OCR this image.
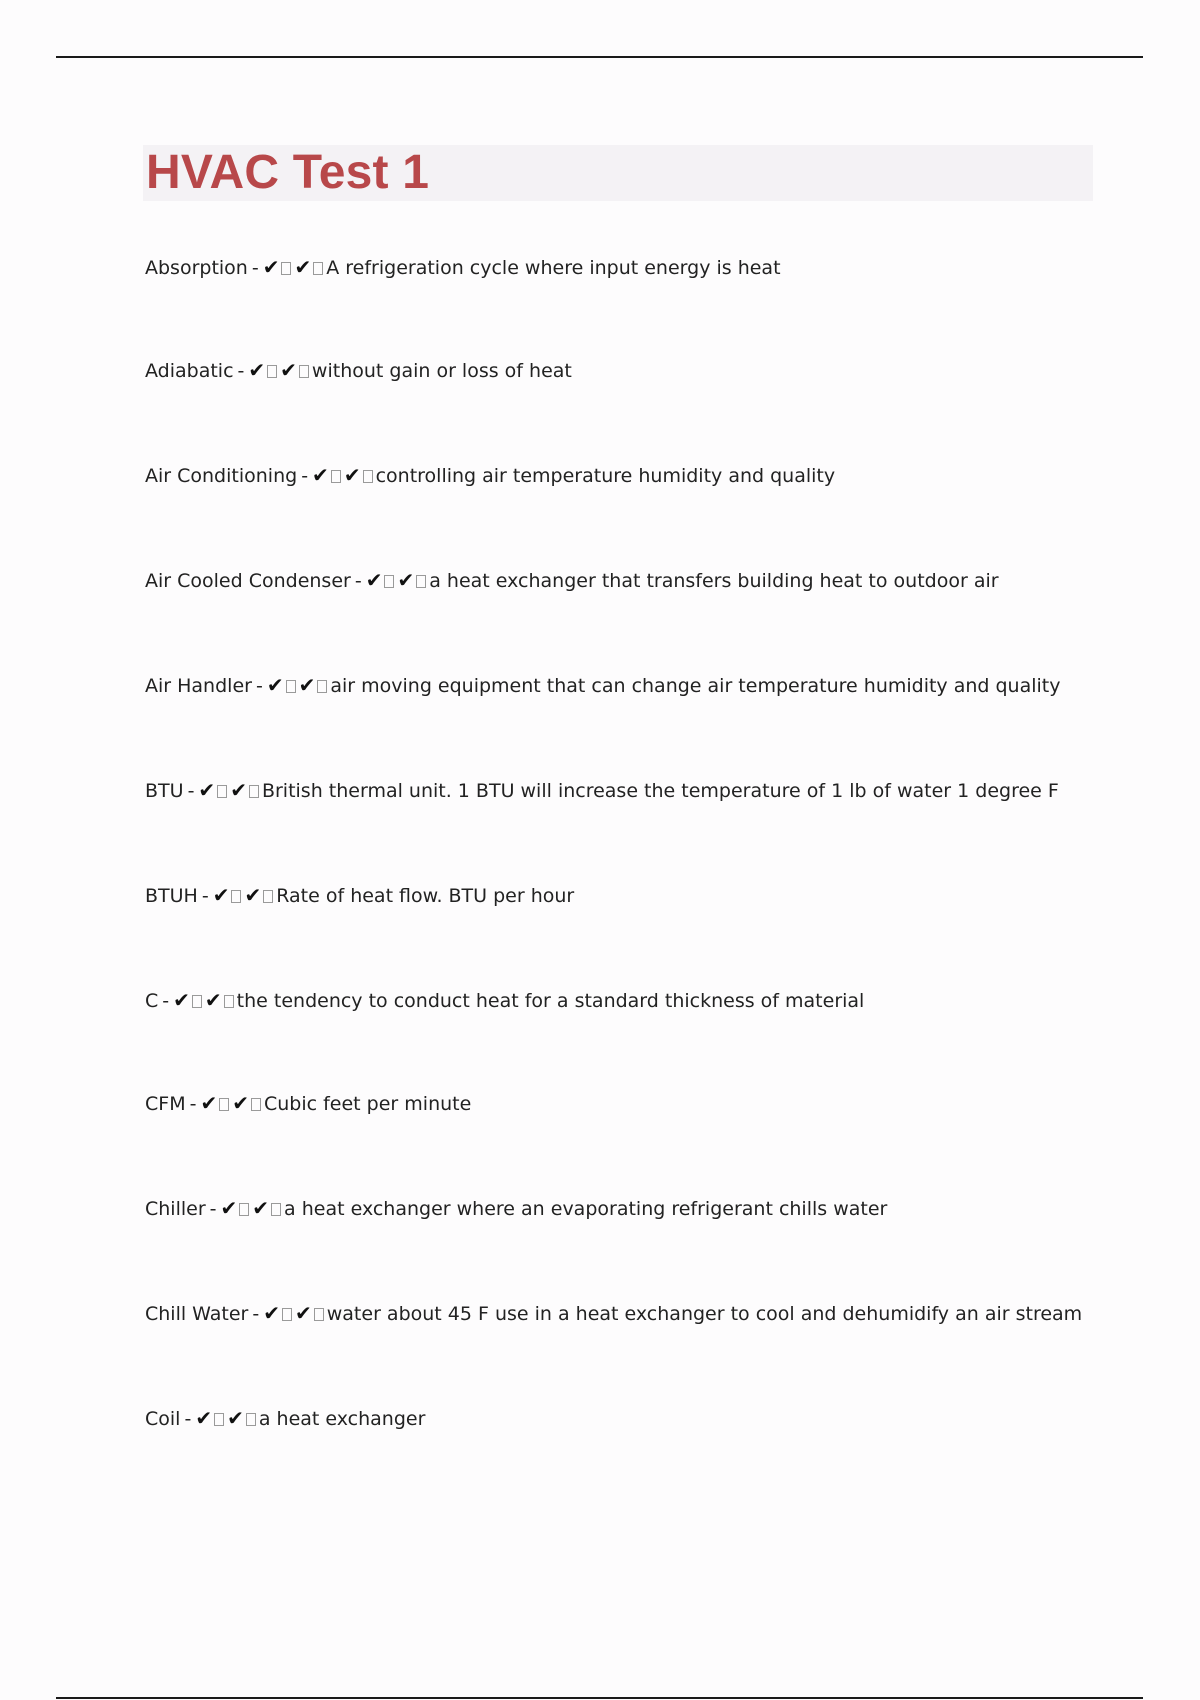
HVAC Test 1
Absorption - ✔ ✔ A refrigeration cycle where input energy is heat
Adiabatic - ✔ ✔ without gain or loss of heat
Air Conditioning - ✔ ✔ controlling air temperature humidity and quality
Air Cooled Condenser - ✔ ✔ a heat exchanger that transfers building heat to outdoor air
Air Handler - ✔ ✔ air moving equipment that can change air temperature humidity and quality
BTU - ✔ ✔ British thermal unit. 1 BTU will increase the temperature of 1 lb of water 1 degree F
BTUH - ✔ ✔ Rate of heat flow. BTU per hour
C - ✔ ✔ the tendency to conduct heat for a standard thickness of material
CFM - ✔ ✔ Cubic feet per minute
Chiller - ✔ ✔ a heat exchanger where an evaporating refrigerant chills water
Chill Water - ✔ ✔ water about 45 F use in a heat exchanger to cool and dehumidify an air stream
Coil - ✔ ✔ a heat exchanger
